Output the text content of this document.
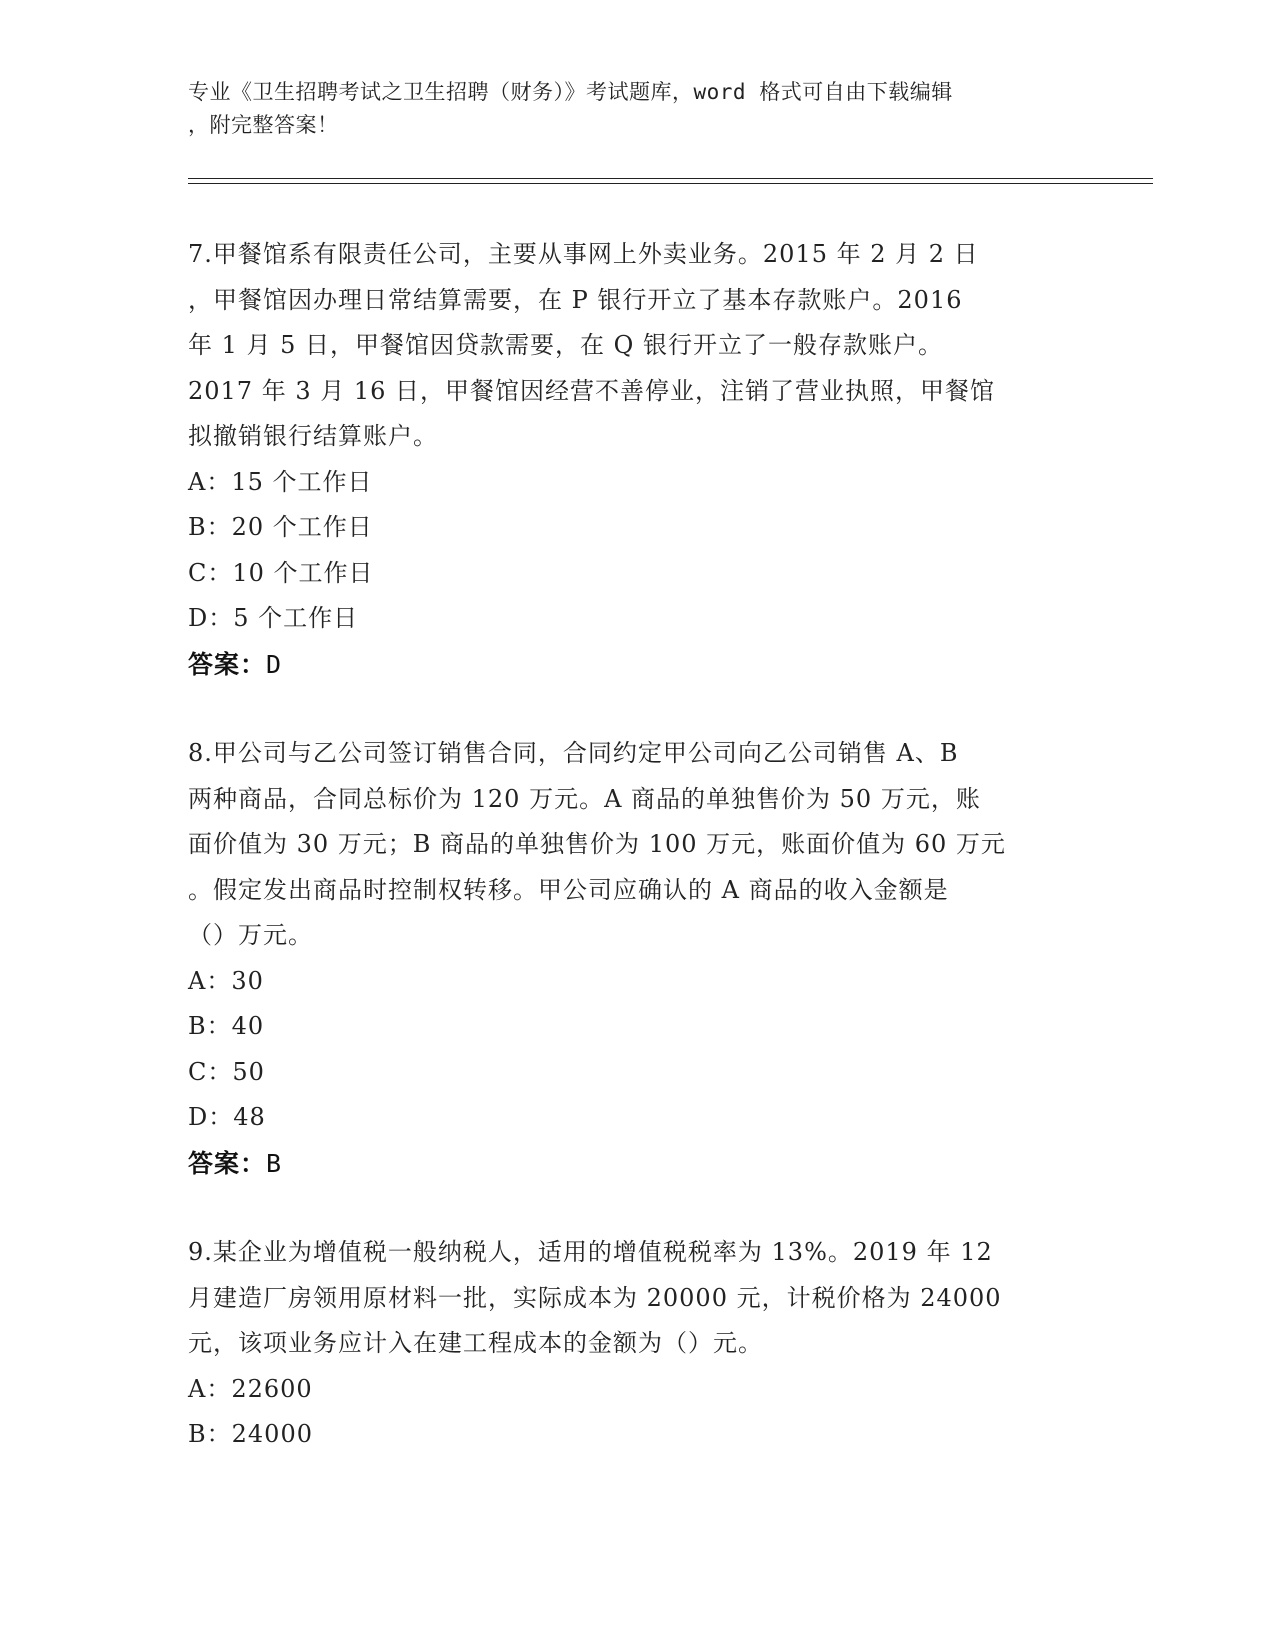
专业《卫生招聘考试之卫生招聘（财务）》考试题库，word 格式可自由下载编辑
，附完整答案！
7.甲餐馆系有限责任公司，主要从事网上外卖业务。2015 年 2 月 2 日
，甲餐馆因办理日常结算需要，在 P 银行开立了基本存款账户。2016
年 1 月 5 日，甲餐馆因贷款需要，在 Q 银行开立了一般存款账户。
2017 年 3 月 16 日，甲餐馆因经营不善停业，注销了营业执照，甲餐馆
拟撤销银行结算账户。
A：15 个工作日
B：20 个工作日
C：10 个工作日
D：5 个工作日
答案：D
8.甲公司与乙公司签订销售合同，合同约定甲公司向乙公司销售 A、B
两种商品，合同总标价为 120 万元。A 商品的单独售价为 50 万元，账
面价值为 30 万元；B 商品的单独售价为 100 万元，账面价值为 60 万元
。假定发出商品时控制权转移。甲公司应确认的 A 商品的收入金额是
（）万元。
A：30
B：40
C：50
D：48
答案：B
9.某企业为增值税一般纳税人，适用的增值税税率为 13%。2019 年 12
月建造厂房领用原材料一批，实际成本为 20000 元，计税价格为 24000
元，该项业务应计入在建工程成本的金额为（）元。
A：22600
B：24000
